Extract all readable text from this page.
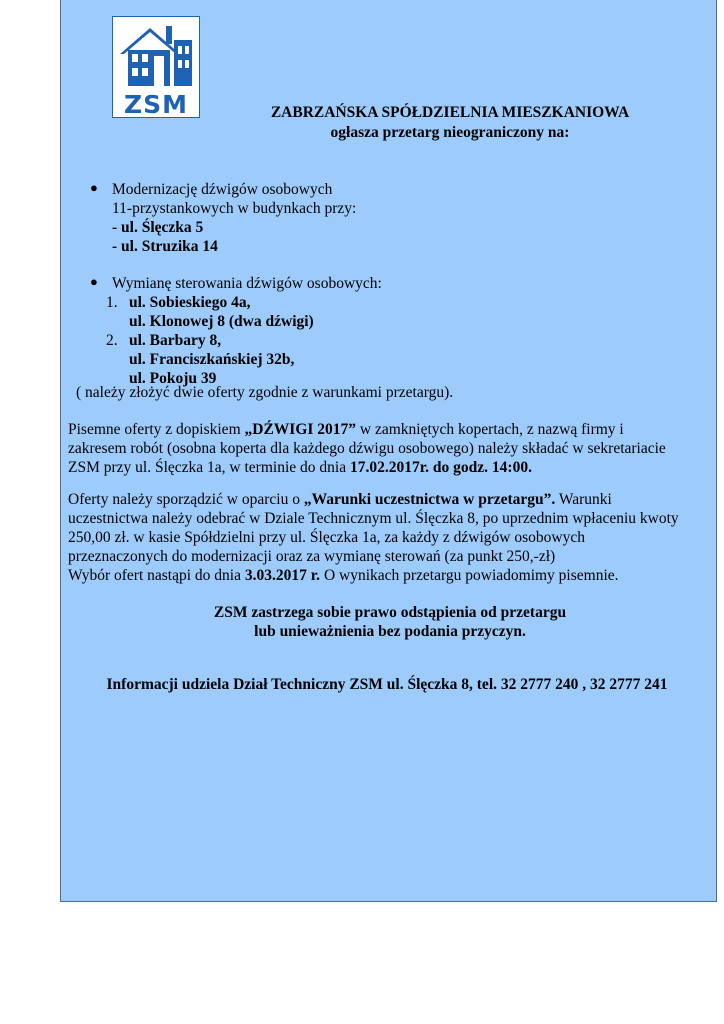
ZSM	ZABRZAŃSKA SPÓŁDZIELNIA MIESZKANIOWA
ogłasza przetarg nieograniczony na:
● Modernizację dźwigów osobowych
11-przystankowych w budynkach przy:
- ul. Ślęczka 5
- ul. Struzika 14
● Wymianę sterowania dźwigów osobowych:
1. ul. Sobieskiego 4a,
ul. Klonowej 8 (dwa dźwigi)
2. ul. Barbary 8,
ul. Franciszkańskiej 32b,
ul. Pokoju 39
( należy złożyć dwie oferty zgodnie z warunkami przetargu).
Pisemne oferty z dopiskiem „DŹWIGI 2017” w zamkniętych kopertach, z nazwą firmy i
zakresem robót (osobna koperta dla każdego dźwigu osobowego) należy składać w sekretariacie
ZSM przy ul. Ślęczka 1a, w terminie do dnia 17.02.2017r. do godz. 14:00.
Oferty należy sporządzić w oparciu o „Warunki uczestnictwa w przetargu”. Warunki
uczestnictwa należy odebrać w Dziale Technicznym ul. Ślęczka 8, po uprzednim wpłaceniu kwoty
250,00 zł. w kasie Spółdzielni przy ul. Ślęczka 1a, za każdy z dźwigów osobowych
przeznaczonych do modernizacji oraz za wymianę sterowań (za punkt 250,-zł)
Wybór ofert nastąpi do dnia 3.03.2017 r. O wynikach przetargu powiadomimy pisemnie.
ZSM zastrzega sobie prawo odstąpienia od przetargu
lub unieważnienia bez podania przyczyn.
Informacji udziela Dział Techniczny ZSM ul. Ślęczka 8, tel. 32 2777 240 , 32 2777 241
